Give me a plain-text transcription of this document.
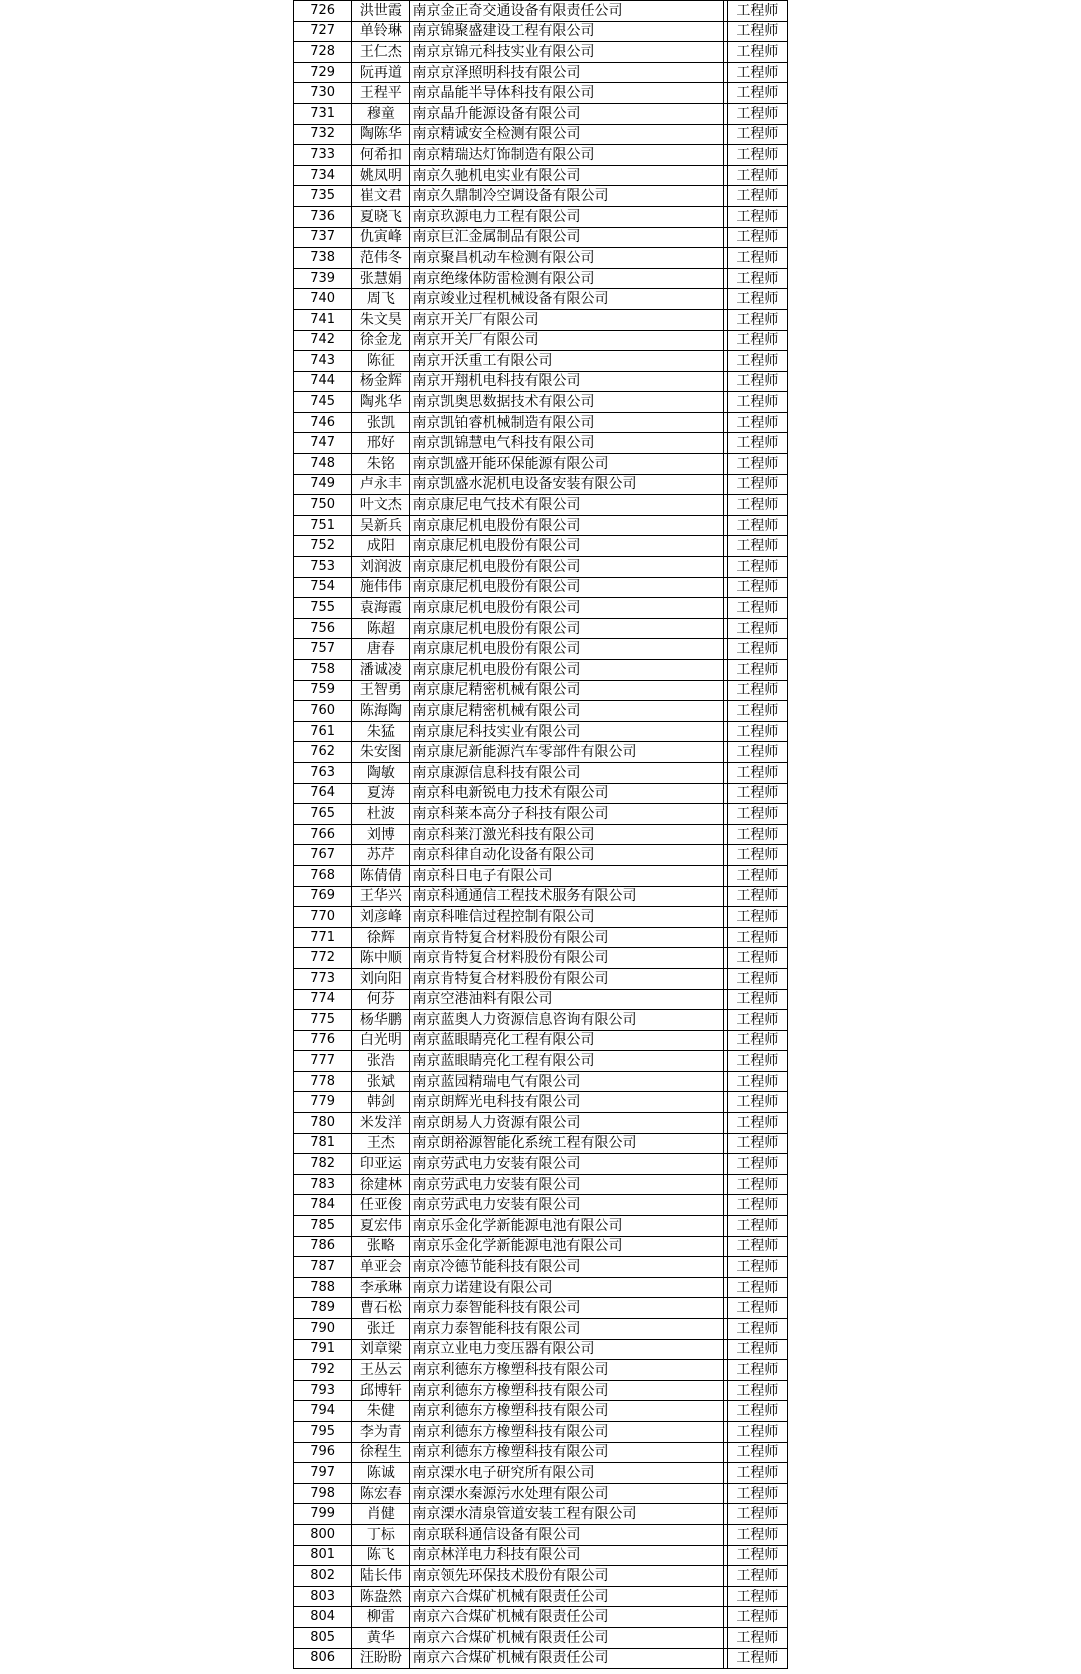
726	洪世霞	南京金正奇交通设备有限责任公司		工程师
727	单铃琳	南京锦聚盛建设工程有限公司		工程师
728	王仁杰	南京京锦元科技实业有限公司		工程师
729	阮再道	南京京泽照明科技有限公司		工程师
730	王程平	南京晶能半导体科技有限公司		工程师
731	穆童	南京晶升能源设备有限公司		工程师
732	陶陈华	南京精诚安全检测有限公司		工程师
733	何希扣	南京精瑞达灯饰制造有限公司		工程师
734	姚凤明	南京久驰机电实业有限公司		工程师
735	崔文君	南京久鼎制冷空调设备有限公司		工程师
736	夏晓飞	南京玖源电力工程有限公司		工程师
737	仇寅峰	南京巨汇金属制品有限公司		工程师
738	范伟冬	南京聚昌机动车检测有限公司		工程师
739	张慧娟	南京绝缘体防雷检测有限公司		工程师
740	周飞	南京竣业过程机械设备有限公司		工程师
741	朱文昊	南京开关厂有限公司		工程师
742	徐金龙	南京开关厂有限公司		工程师
743	陈征	南京开沃重工有限公司		工程师
744	杨金辉	南京开翔机电科技有限公司		工程师
745	陶兆华	南京凯奥思数据技术有限公司		工程师
746	张凯	南京凯铂睿机械制造有限公司		工程师
747	邢好	南京凯锦慧电气科技有限公司		工程师
748	朱铭	南京凯盛开能环保能源有限公司		工程师
749	卢永丰	南京凯盛水泥机电设备安装有限公司		工程师
750	叶文杰	南京康尼电气技术有限公司		工程师
751	吴新兵	南京康尼机电股份有限公司		工程师
752	成阳	南京康尼机电股份有限公司		工程师
753	刘润波	南京康尼机电股份有限公司		工程师
754	施伟伟	南京康尼机电股份有限公司		工程师
755	袁海霞	南京康尼机电股份有限公司		工程师
756	陈超	南京康尼机电股份有限公司		工程师
757	唐春	南京康尼机电股份有限公司		工程师
758	潘诚凌	南京康尼机电股份有限公司		工程师
759	王智勇	南京康尼精密机械有限公司		工程师
760	陈海陶	南京康尼精密机械有限公司		工程师
761	朱猛	南京康尼科技实业有限公司		工程师
762	朱安图	南京康尼新能源汽车零部件有限公司		工程师
763	陶敏	南京康源信息科技有限公司		工程师
764	夏涛	南京科电新锐电力技术有限公司		工程师
765	杜波	南京科莱本高分子科技有限公司		工程师
766	刘博	南京科莱汀激光科技有限公司		工程师
767	苏芹	南京科律自动化设备有限公司		工程师
768	陈倩倩	南京科日电子有限公司		工程师
769	王华兴	南京科通通信工程技术服务有限公司		工程师
770	刘彦峰	南京科唯信过程控制有限公司		工程师
771	徐辉	南京肯特复合材料股份有限公司		工程师
772	陈中顺	南京肯特复合材料股份有限公司		工程师
773	刘向阳	南京肯特复合材料股份有限公司		工程师
774	何芬	南京空港油料有限公司		工程师
775	杨华鹏	南京蓝奥人力资源信息咨询有限公司		工程师
776	白光明	南京蓝眼睛亮化工程有限公司		工程师
777	张浩	南京蓝眼睛亮化工程有限公司		工程师
778	张斌	南京蓝园精瑞电气有限公司		工程师
779	韩剑	南京朗辉光电科技有限公司		工程师
780	米发洋	南京朗易人力资源有限公司		工程师
781	王杰	南京朗裕源智能化系统工程有限公司		工程师
782	印亚运	南京劳武电力安装有限公司		工程师
783	徐建林	南京劳武电力安装有限公司		工程师
784	任亚俊	南京劳武电力安装有限公司		工程师
785	夏宏伟	南京乐金化学新能源电池有限公司		工程师
786	张略	南京乐金化学新能源电池有限公司		工程师
787	单亚会	南京冷德节能科技有限公司		工程师
788	李承琳	南京力诺建设有限公司		工程师
789	曹石松	南京力泰智能科技有限公司		工程师
790	张迁	南京力泰智能科技有限公司		工程师
791	刘章梁	南京立业电力变压器有限公司		工程师
792	王丛云	南京利德东方橡塑科技有限公司		工程师
793	邱博轩	南京利德东方橡塑科技有限公司		工程师
794	朱健	南京利德东方橡塑科技有限公司		工程师
795	李为青	南京利德东方橡塑科技有限公司		工程师
796	徐程生	南京利德东方橡塑科技有限公司		工程师
797	陈诚	南京溧水电子研究所有限公司		工程师
798	陈宏春	南京溧水秦源污水处理有限公司		工程师
799	肖健	南京溧水清泉管道安装工程有限公司		工程师
800	丁标	南京联科通信设备有限公司		工程师
801	陈飞	南京林洋电力科技有限公司		工程师
802	陆长伟	南京领先环保技术股份有限公司		工程师
803	陈盎然	南京六合煤矿机械有限责任公司		工程师
804	柳雷	南京六合煤矿机械有限责任公司		工程师
805	黄华	南京六合煤矿机械有限责任公司		工程师
806	汪盼盼	南京六合煤矿机械有限责任公司		工程师
